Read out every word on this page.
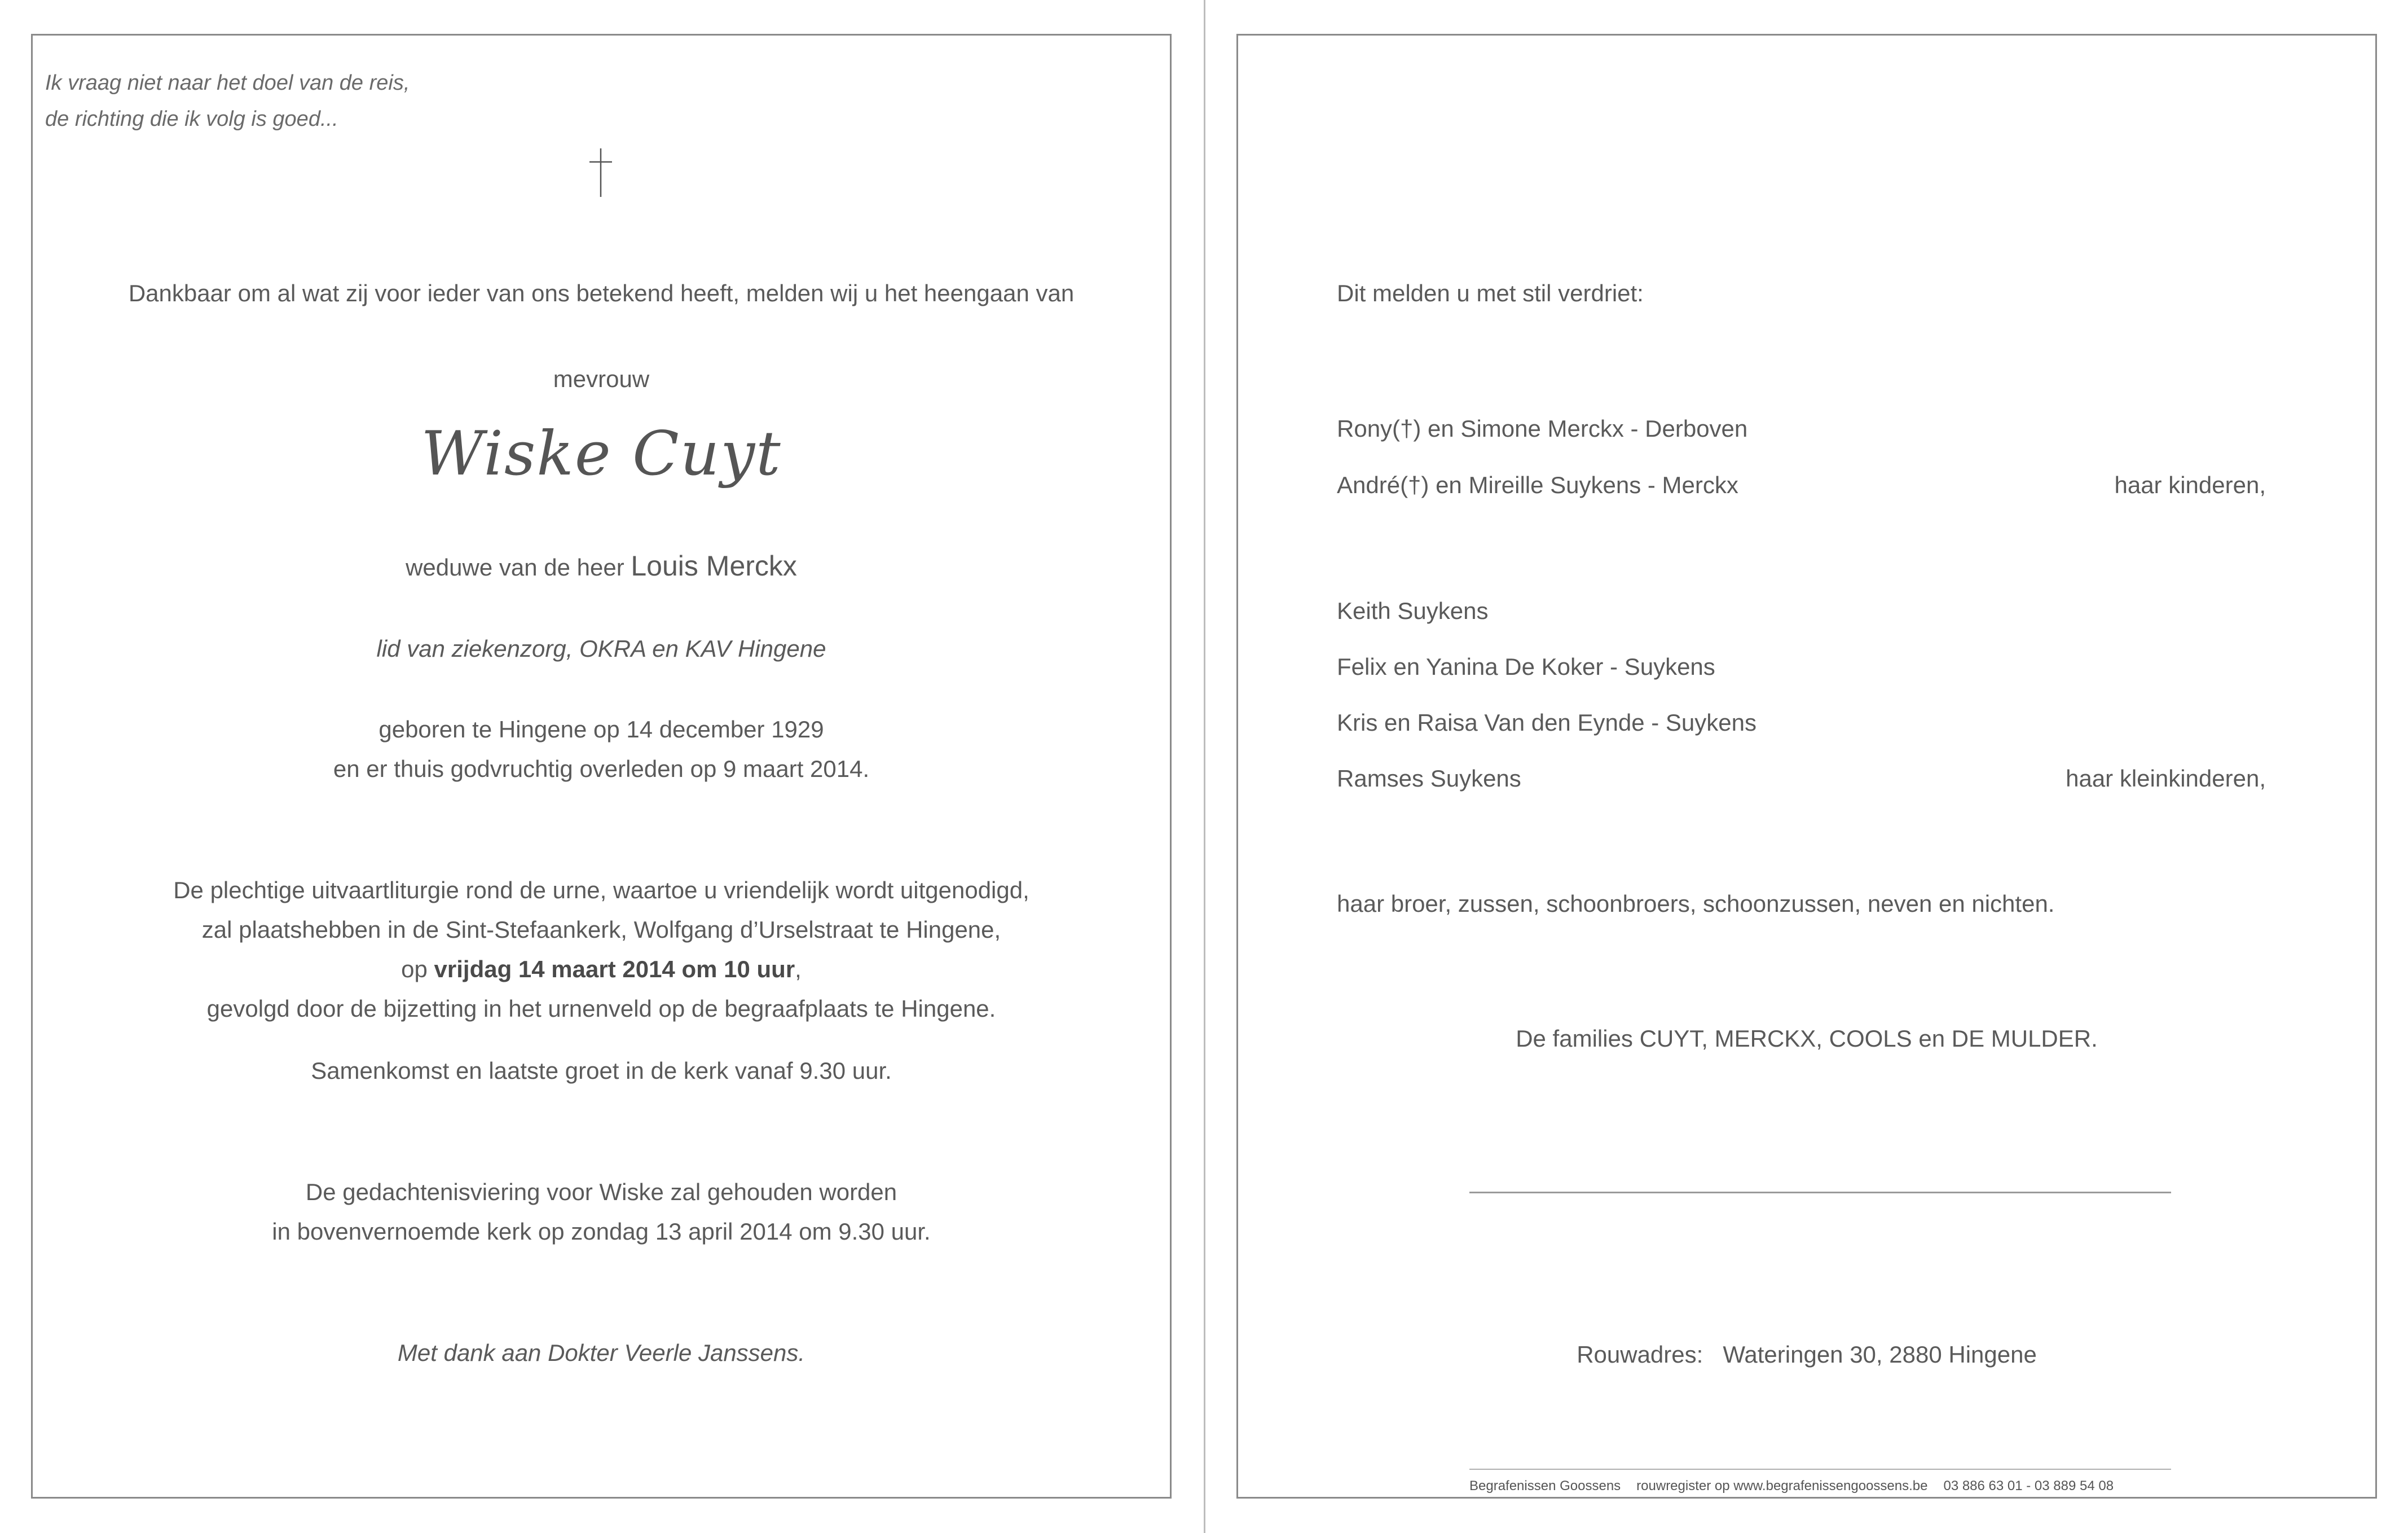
Ik vraag niet naar het doel van de reis,
de richting die ik volg is goed...
Dankbaar om al wat zij voor ieder van ons betekend heeft, melden wij u het heengaan van
mevrouw
Wiske Cuyt
weduwe van de heer Louis Merckx
lid van ziekenzorg, OKRA en KAV Hingene
geboren te Hingene op 14 december 1929
en er thuis godvruchtig overleden op 9 maart 2014.
De plechtige uitvaartliturgie rond de urne, waartoe u vriendelijk wordt uitgenodigd,
zal plaatshebben in de Sint-Stefaankerk, Wolfgang d’Urselstraat te Hingene,
op vrijdag 14 maart 2014 om 10 uur,
gevolgd door de bijzetting in het urnenveld op de begraafplaats te Hingene.
Samenkomst en laatste groet in de kerk vanaf 9.30 uur.
De gedachtenisviering voor Wiske zal gehouden worden
in bovenvernoemde kerk op zondag 13 april 2014 om 9.30 uur.
Met dank aan Dokter Veerle Janssens.
Dit melden u met stil verdriet:
Rony(†) en Simone Merckx - Derboven
André(†) en Mireille Suykens - Merckx	haar kinderen,
Keith Suykens
Felix en Yanina De Koker - Suykens
Kris en Raisa Van den Eynde - Suykens
Ramses Suykens	haar kleinkinderen,
haar broer, zussen, schoonbroers, schoonzussen, neven en nichten.
De families CUYT, MERCKX, COOLS en DE MULDER.
Rouwadres: Wateringen 30, 2880 Hingene
Begrafenissen Goossens rouwregister op www.begrafenissengoossens.be 03 886 63 01 - 03 889 54 08
